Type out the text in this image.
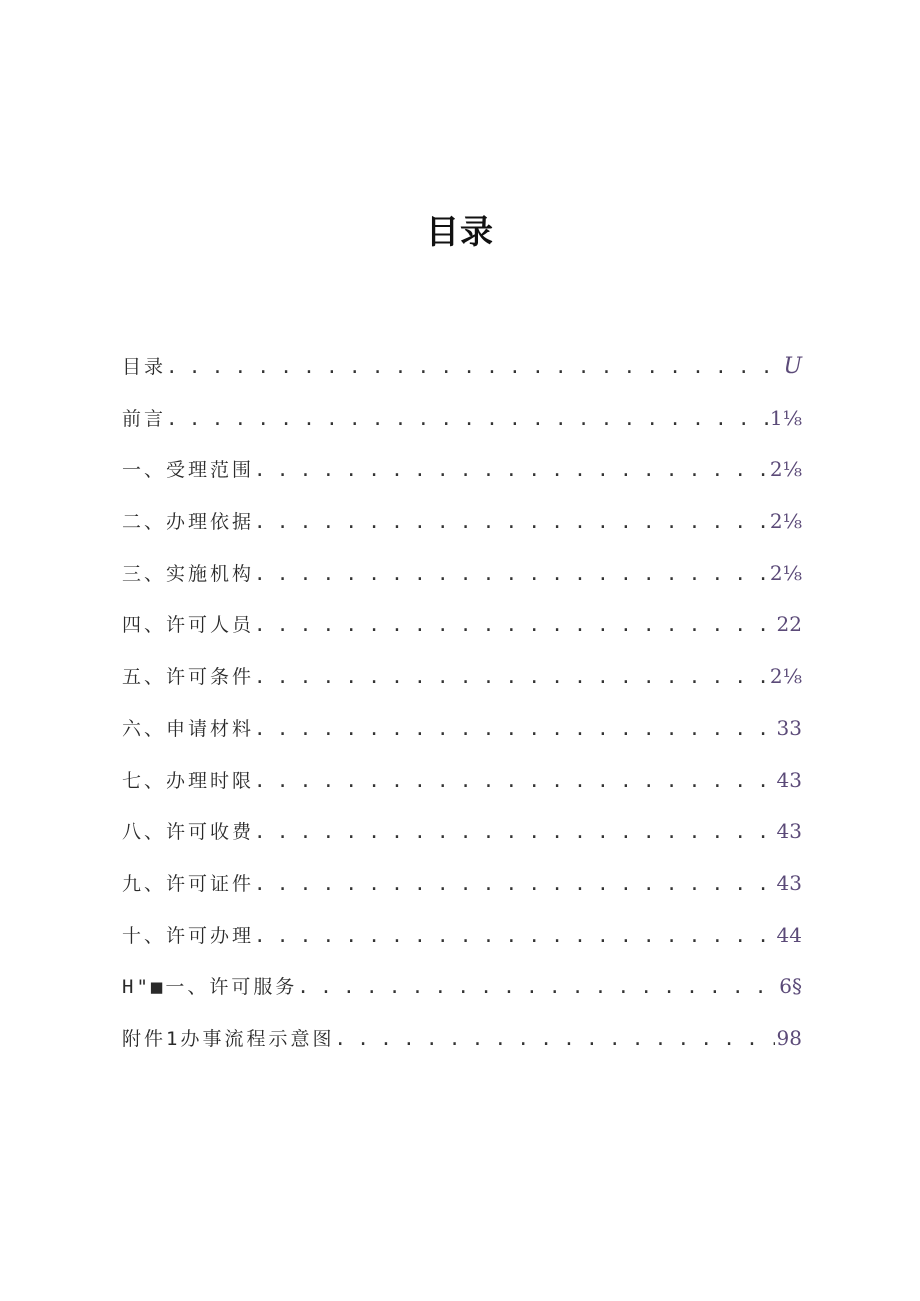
目录
目录 . . .	U
前言 . . .	1⅛
一、受理范围 . . .	2⅛
二、办理依据 . . .	2⅛
三、实施机构 . . .	2⅛
四、许可人员 . . .	22
五、许可条件 . . .	2⅛
六、申请材料 . . .	33
七、办理时限 . . .	43
八、许可收费 . . .	43
九、许可证件 . . .	43
十、许可办理 . . .	44
H"■一、许可服务 . . .	6§
附件1办事流程示意图 . . .	98
